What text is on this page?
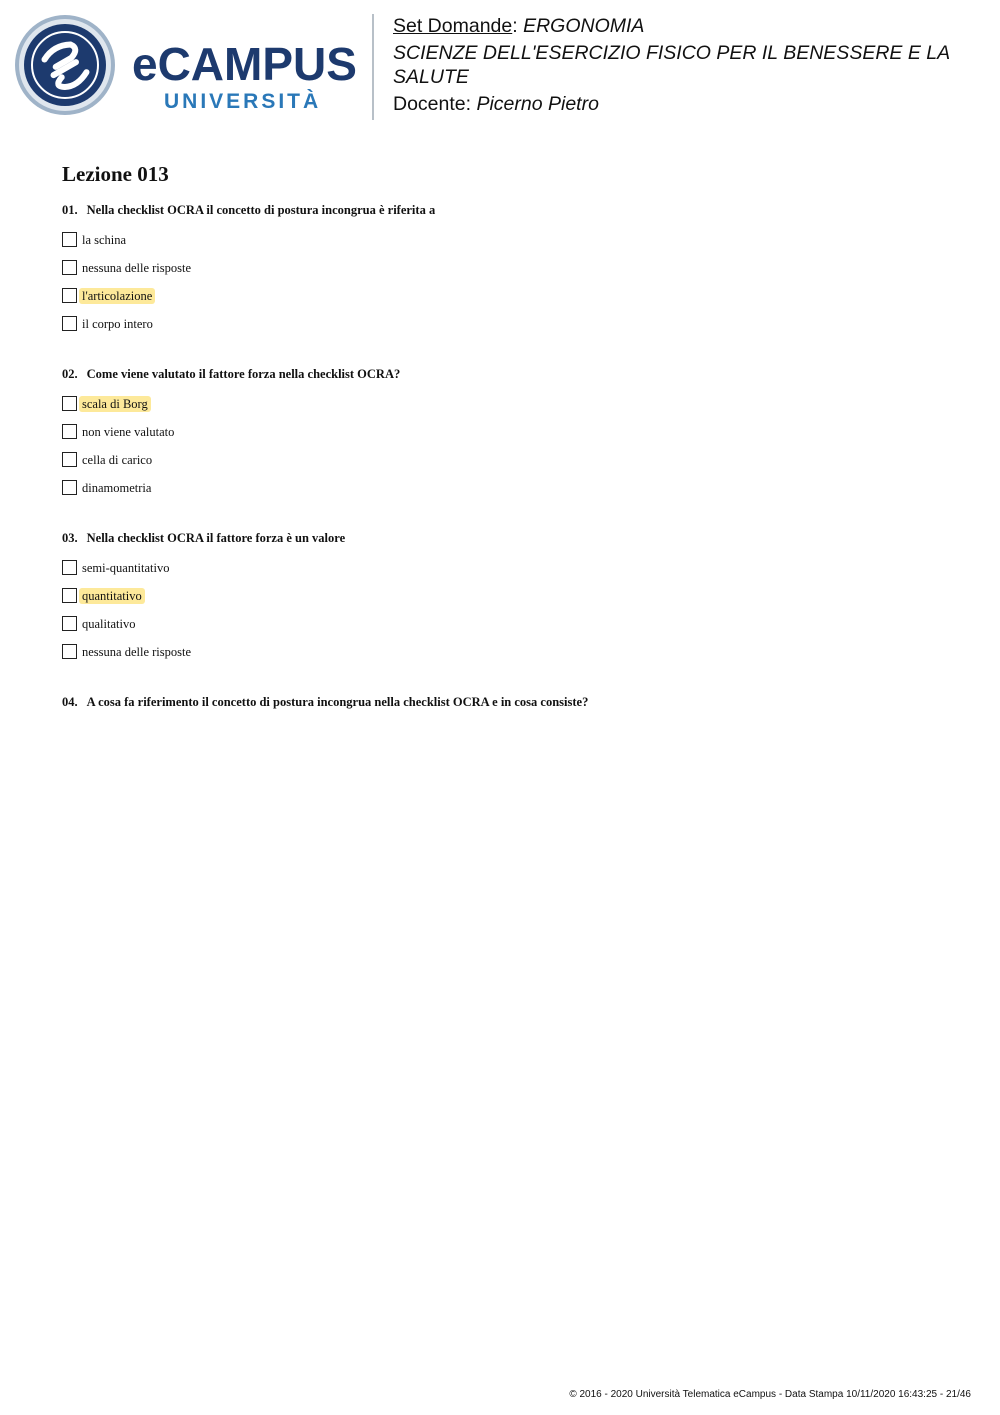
eCAMPUS
UNIVERSITÀ

Set Domande: ERGONOMIA

SCIENZE DELL'ESERCIZIO FISICO PER IL BENESSERE E LA SALUTE

Docente: Picerno Pietro

Lezione 013
01. Nella checklist OCRA il concetto di postura incongrua è riferita a
la schina
nessuna delle risposte
l'articolazione
il corpo intero
02. Come viene valutato il fattore forza nella checklist OCRA?
scala di Borg
non viene valutato
cella di carico
dinamometria
03. Nella checklist OCRA il fattore forza è un valore
semi-quantitativo
quantitativo
qualitativo
nessuna delle risposte
04. A cosa fa riferimento il concetto di postura incongrua nella checklist OCRA e in cosa consiste?
© 2016 - 2020 Università Telematica eCampus - Data Stampa 10/11/2020 16:43:25 - 21/46
